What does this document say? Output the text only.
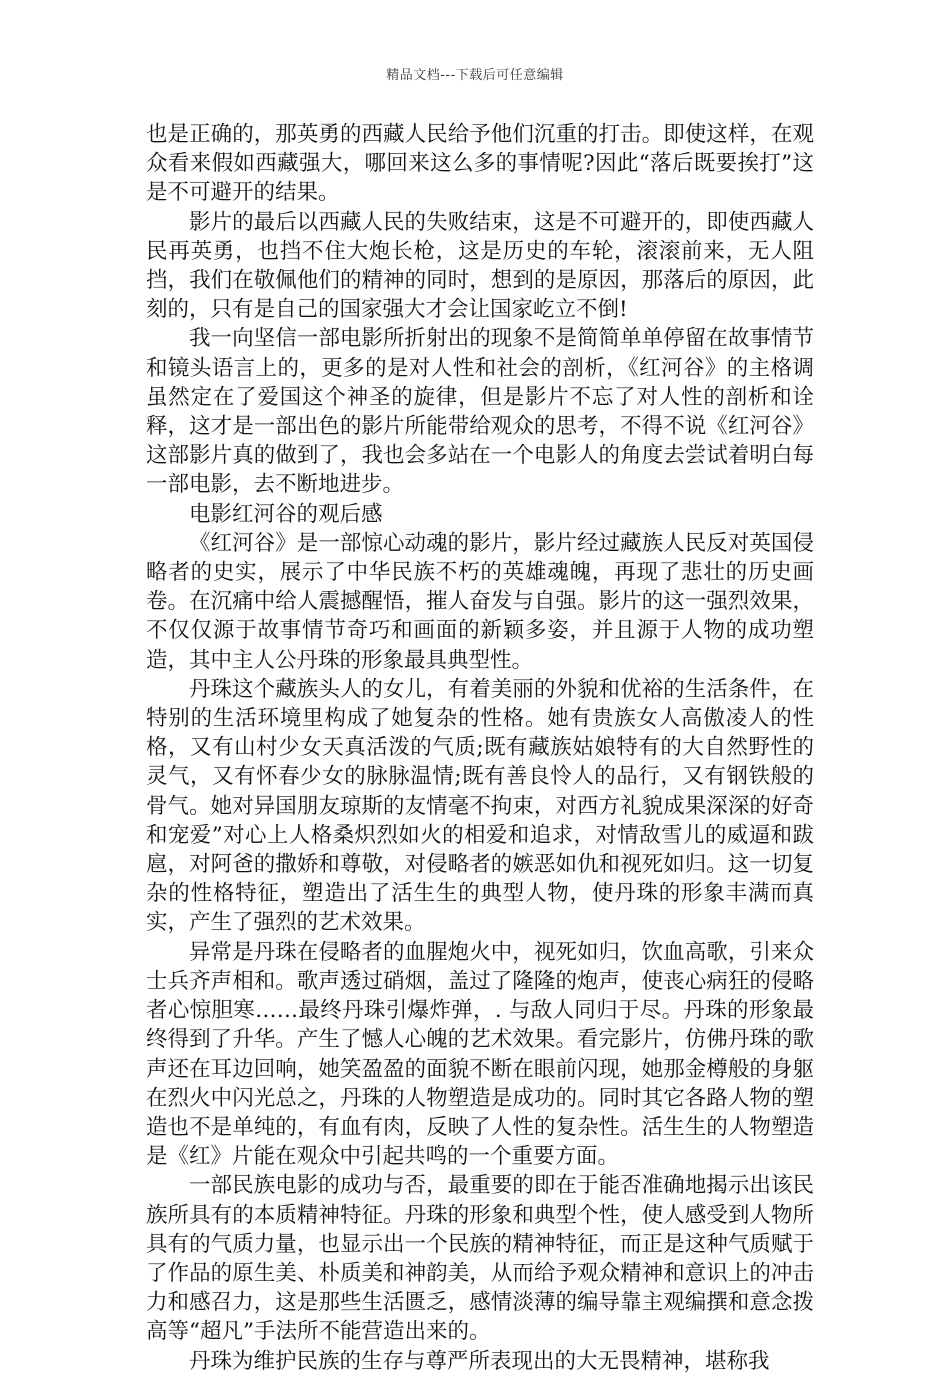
精品文档---下载后可任意编辑

也是正确的，那英勇的西藏人民给予他们沉重的打击。即使这样，在观众看来假如西藏强大，哪回来这么多的事情呢?因此“落后既要挨打”这是不可避开的结果。

影片的最后以西藏人民的失败结束，这是不可避开的，即使西藏人民再英勇，也挡不住大炮长枪，这是历史的车轮，滚滚前来，无人阻挡，我们在敬佩他们的精神的同时，想到的是原因，那落后的原因，此刻的，只有是自己的国家强大才会让国家屹立不倒!

我一向坚信一部电影所折射出的现象不是简简单单停留在故事情节和镜头语言上的，更多的是对人性和社会的剖析，《红河谷》的主格调虽然定在了爱国这个神圣的旋律，但是影片不忘了对人性的剖析和诠释，这才是一部出色的影片所能带给观众的思考，不得不说《红河谷》这部影片真的做到了，我也会多站在一个电影人的角度去尝试着明白每一部电影，去不断地进步。

电影红河谷的观后感

《红河谷》是一部惊心动魂的影片，影片经过藏族人民反对英国侵略者的史实，展示了中华民族不朽的英雄魂魄，再现了悲壮的历史画卷。在沉痛中给人震撼醒悟，摧人奋发与自强。影片的这一强烈效果，不仅仅源于故事情节奇巧和画面的新颖多姿，并且源于人物的成功塑造，其中主人公丹珠的形象最具典型性。

丹珠这个藏族头人的女儿，有着美丽的外貌和优裕的生活条件，在特别的生活环境里构成了她复杂的性格。她有贵族女人高傲凌人的性格，又有山村少女天真活泼的气质;既有藏族姑娘特有的大自然野性的灵气，又有怀春少女的脉脉温情;既有善良怜人的品行，又有钢铁般的骨气。她对异国朋友琼斯的友情毫不拘束，对西方礼貌成果深深的好奇和宠爱”对心上人格桑炽烈如火的相爱和追求，对情敌雪儿的威逼和跋扈，对阿爸的撒娇和尊敬，对侵略者的嫉恶如仇和视死如归。这一切复杂的性格特征，塑造出了活生生的典型人物，使丹珠的形象丰满而真实，产生了强烈的艺术效果。

异常是丹珠在侵略者的血腥炮火中，视死如归，饮血高歌，引来众士兵齐声相和。歌声透过硝烟，盖过了隆隆的炮声，使丧心病狂的侵略者心惊胆寒……最终丹珠引爆炸弹，. 与敌人同归于尽。丹珠的形象最终得到了升华。产生了憾人心魄的艺术效果。看完影片，仿佛丹珠的歌声还在耳边回响，她笑盈盈的面貌不断在眼前闪现，她那金樽般的身躯在烈火中闪光总之，丹珠的人物塑造是成功的。同时其它各路人物的塑造也不是单纯的，有血有肉，反映了人性的复杂性。活生生的人物塑造是《红》片能在观众中引起共鸣的一个重要方面。

一部民族电影的成功与否，最重要的即在于能否准确地揭示出该民族所具有的本质精神特征。丹珠的形象和典型个性，使人感受到人物所具有的气质力量，也显示出一个民族的精神特征，而正是这种气质赋于了作品的原生美、朴质美和神韵美，从而给予观众精神和意识上的冲击力和感召力，这是那些生活匮乏，感情淡薄的编导靠主观编撰和意念拨高等“超凡”手法所不能营造出来的。

丹珠为维护民族的生存与尊严所表现出的大无畏精神，堪称我
